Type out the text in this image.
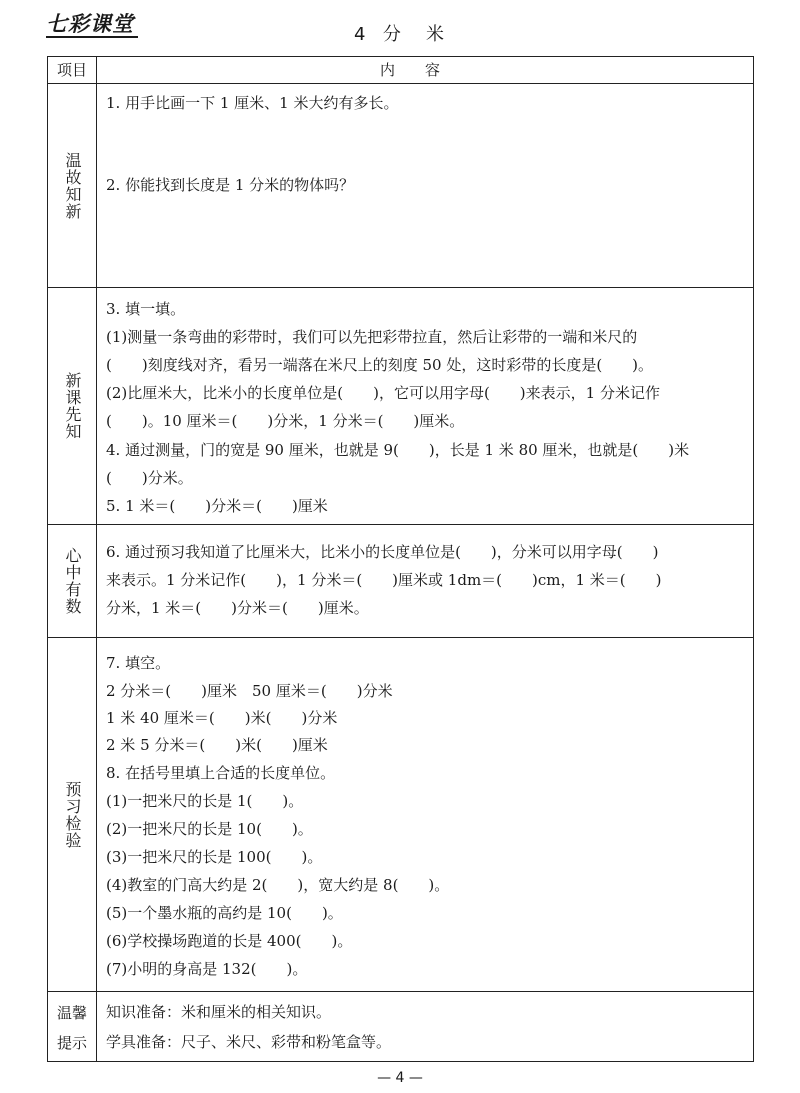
七彩课堂	4  分   米
项目	内容
温故知新
1. 用手比画一下 1 厘米、1 米大约有多长。
2. 你能找到长度是 1 分米的物体吗？
新课先知
3. 填一填。
(1)测量一条弯曲的彩带时，我们可以先把彩带拉直，然后让彩带的一端和米尺的
(　　)刻度线对齐，看另一端落在米尺上的刻度 50 处，这时彩带的长度是(　　)。
(2)比厘米大，比米小的长度单位是(　　)，它可以用字母(　　)来表示，1 分米记作
(　　)。10 厘米＝(　　)分米，1 分米＝(　　)厘米。
4. 通过测量，门的宽是 90 厘米，也就是 9(　　)，长是 1 米 80 厘米，也就是(　　)米
(　　)分米。
5. 1 米＝(　　)分米＝(　　)厘米
心中有数 6. 通过预习我知道了比厘米大，比米小的长度单位是(　　)，分米可以用字母(　　)
来表示。1 分米记作(　　)，1 分米＝(　　)厘米或 1dm＝(　　)cm，1 米＝(　　)
分米，1 米＝(　　)分米＝(　　)厘米。
预习检验
7. 填空。
2 分米＝(　　)厘米　50 厘米＝(　　)分米
1 米 40 厘米＝(　　)米(　　)分米
2 米 5 分米＝(　　)米(　　)厘米
8. 在括号里填上合适的长度单位。
(1)一把米尺的长是 1(　　)。
(2)一把米尺的长是 10(　　)。
(3)一把米尺的长是 100(　　)。
(4)教室的门高大约是 2(　　)，宽大约是 8(　　)。
(5)一个墨水瓶的高约是 10(　　)。
(6)学校操场跑道的长是 400(　　)。
(7)小明的身高是 132(　　)。
温馨
提示
知识准备：米和厘米的相关知识。
学具准备：尺子、米尺、彩带和粉笔盒等。
— 4 —
